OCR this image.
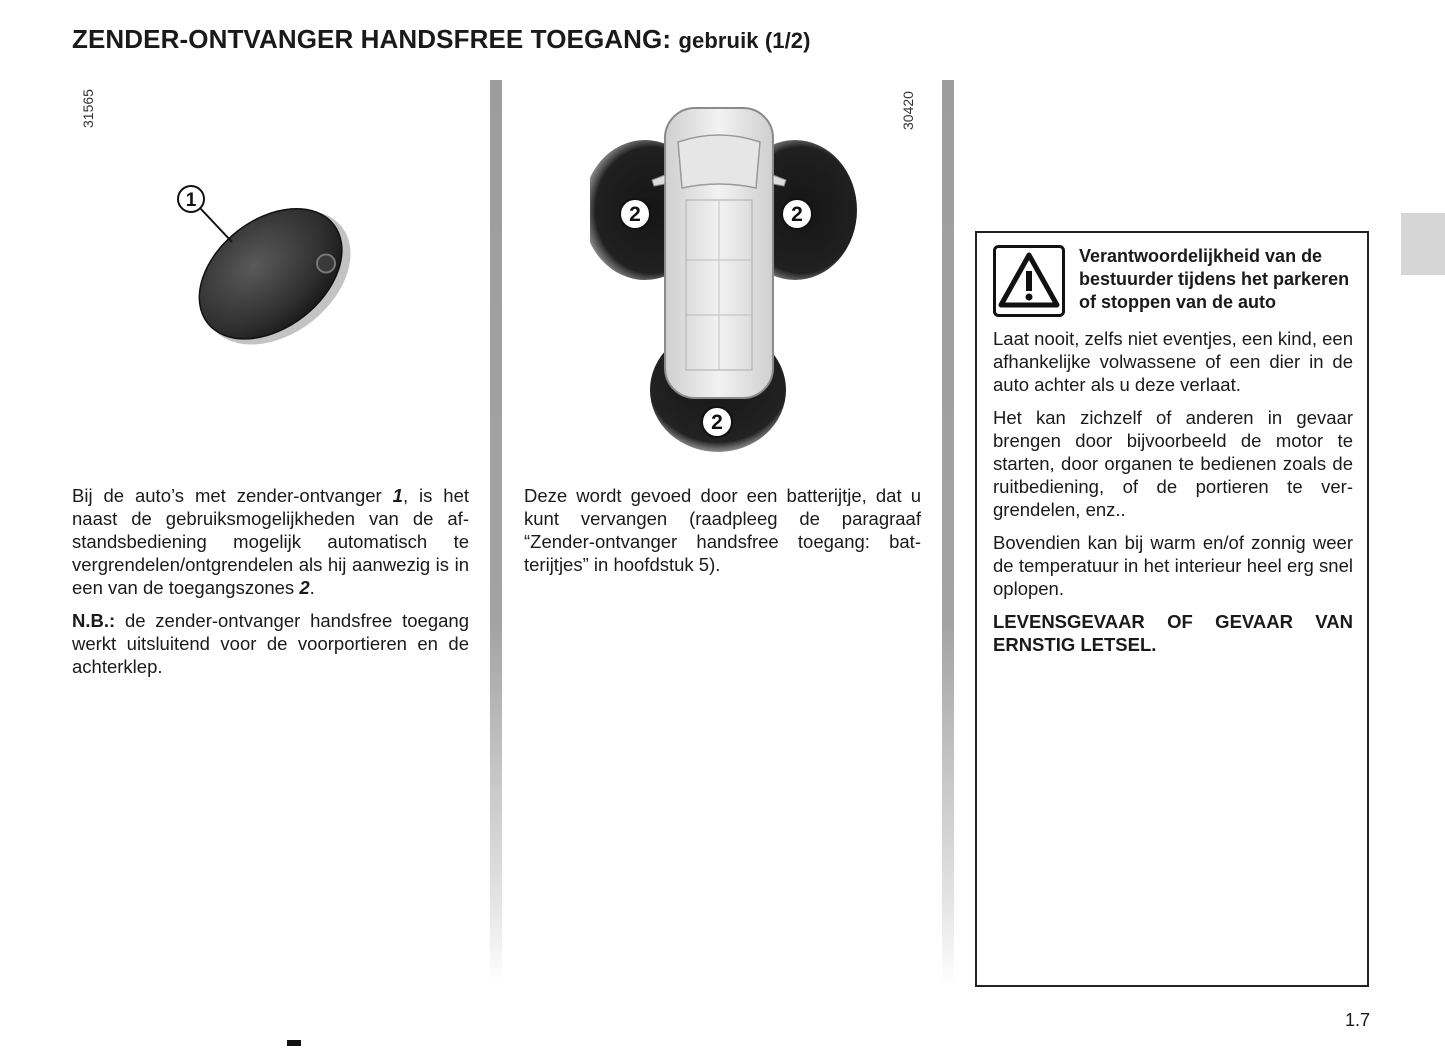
ZENDER-ONTVANGER HANDSFREE TOEGANG: gebruik (1/2)
31565	30420
1
2	2
2

Bij de auto’s met zender-ontvanger 1, is het naast de gebruiksmogelijkheden van de afstandsbediening mogelijk automatisch te vergrendelen/ontgrendelen als hij aanwezig is in een van de toegangszones 2.

N.B.: de zender-ontvanger handsfree toegang werkt uitsluitend voor de voorportieren en de achterklep.

Deze wordt gevoed door een batterijtje, dat u kunt vervangen (raadpleeg de paragraaf “Zender-ontvanger handsfree toegang: batterijtjes” in hoofdstuk 5).

Verantwoordelijkheid van de bestuurder tijdens het parkeren of stoppen van de auto

Laat nooit, zelfs niet eventjes, een kind, een afhankelijke volwassene of een dier in de auto achter als u deze verlaat.

Het kan zichzelf of anderen in gevaar brengen door bijvoorbeeld de motor te starten, door organen te bedienen zoals de ruitbediening, of de portieren te vergrendelen, enz..

Bovendien kan bij warm en/of zonnig weer de temperatuur in het interieur heel erg snel oplopen.

LEVENSGEVAAR OF GEVAAR VAN ERNSTIG LETSEL.

1.7
